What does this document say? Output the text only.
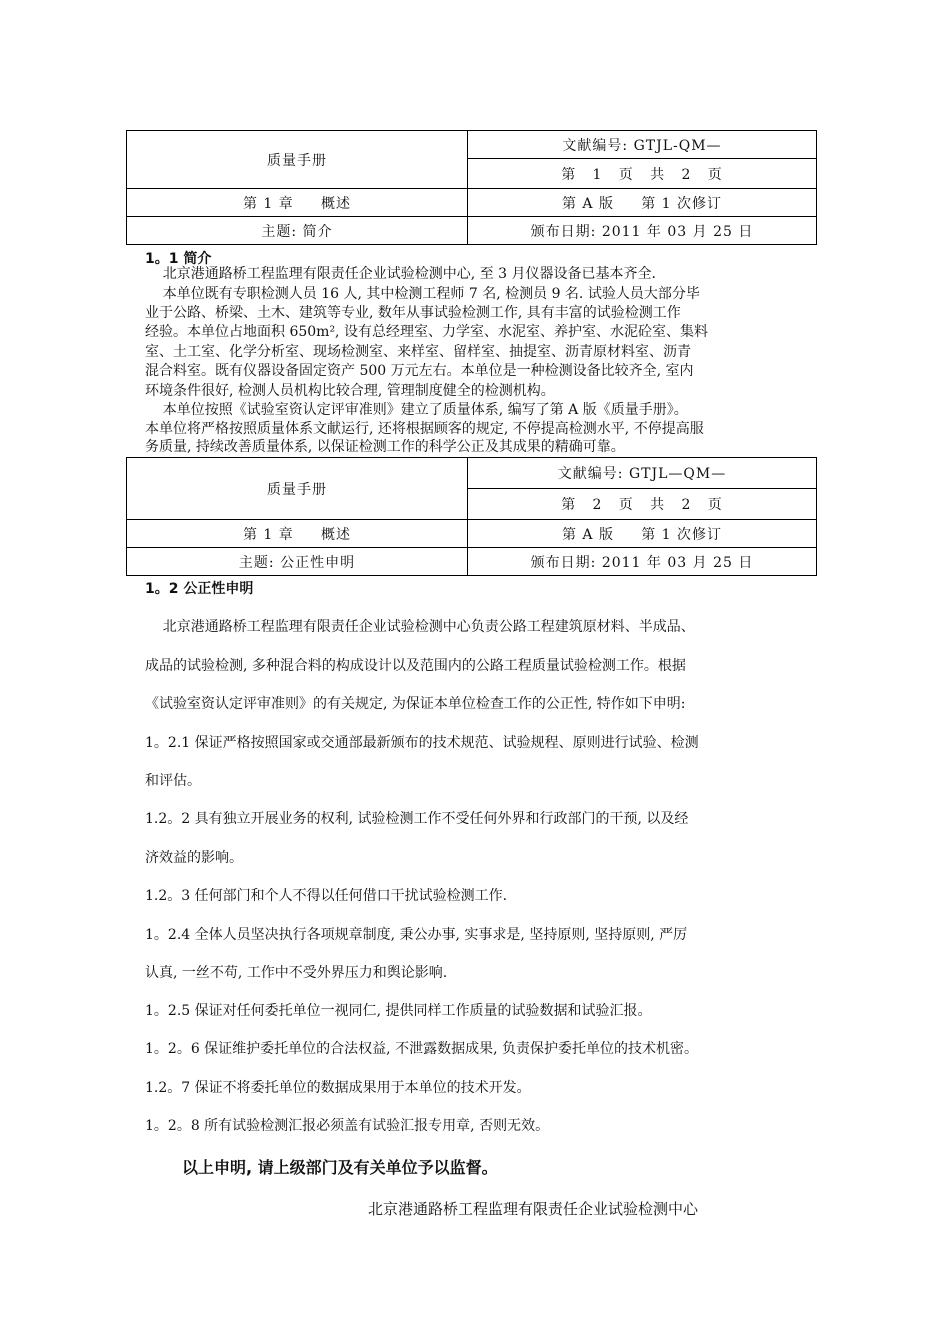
质量手册	文献编号: GTJL-QM—
	第   1   页   共   2   页
第 1 章     概述	第 A 版     第 1 次修订
主题: 简介	颁布日期: 2011 年 03 月 25 日
1。1 简介

北京港通路桥工程监理有限责任企业试验检测中心, 至 3 月仪器设备已基本齐全.

本单位既有专职检测人员 16 人, 其中检测工程师 7 名, 检测员 9 名. 试验人员大部分毕

业于公路、桥梁、土木、建筑等专业, 数年从事试验检测工作, 具有丰富的试验检测工作

经验。本单位占地面积 650m², 设有总经理室、力学室、水泥室、养护室、水泥砼室、集料

室、土工室、化学分析室、现场检测室、来样室、留样室、抽提室、沥青原材料室、沥青

混合料室。既有仪器设备固定资产 500 万元左右。本单位是一种检测设备比较齐全, 室内

环境条件很好, 检测人员机构比较合理, 管理制度健全的检测机构。

本单位按照《试验室资认定评审准则》建立了质量体系, 编写了第 A 版《质量手册》。

本单位将严格按照质量体系文献运行, 还将根据顾客的规定, 不停提高检测水平, 不停提高服

务质量, 持续改善质量体系, 以保证检测工作的科学公正及其成果的精确可靠。

质量手册	文献编号: GTJL—QM—
	第   2   页   共   2   页
第 1 章     概述	第 A 版     第 1 次修订
主题: 公正性申明	颁布日期: 2011 年 03 月 25 日
1。2 公正性申明

北京港通路桥工程监理有限责任企业试验检测中心负责公路工程建筑原材料、半成品、

成品的试验检测, 多种混合料的构成设计以及范围内的公路工程质量试验检测工作。根据

《试验室资认定评审准则》的有关规定, 为保证本单位检查工作的公正性, 特作如下申明:

1。2.1 保证严格按照国家或交通部最新颁布的技术规范、试验规程、原则进行试验、检测

和评估。

1.2。2 具有独立开展业务的权利, 试验检测工作不受任何外界和行政部门的干预, 以及经

济效益的影响。

1.2。3 任何部门和个人不得以任何借口干扰试验检测工作.

1。2.4 全体人员坚决执行各项规章制度, 秉公办事, 实事求是, 坚持原则, 坚持原则, 严厉

认真, 一丝不苟, 工作中不受外界压力和舆论影响.

1。2.5 保证对任何委托单位一视同仁, 提供同样工作质量的试验数据和试验汇报。

1。2。6 保证维护委托单位的合法权益, 不泄露数据成果, 负责保护委托单位的技术机密。

1.2。7 保证不将委托单位的数据成果用于本单位的技术开发。

1。2。8 所有试验检测汇报必须盖有试验汇报专用章, 否则无效。

以上申明, 请上级部门及有关单位予以监督。
北京港通路桥工程监理有限责任企业试验检测中心
